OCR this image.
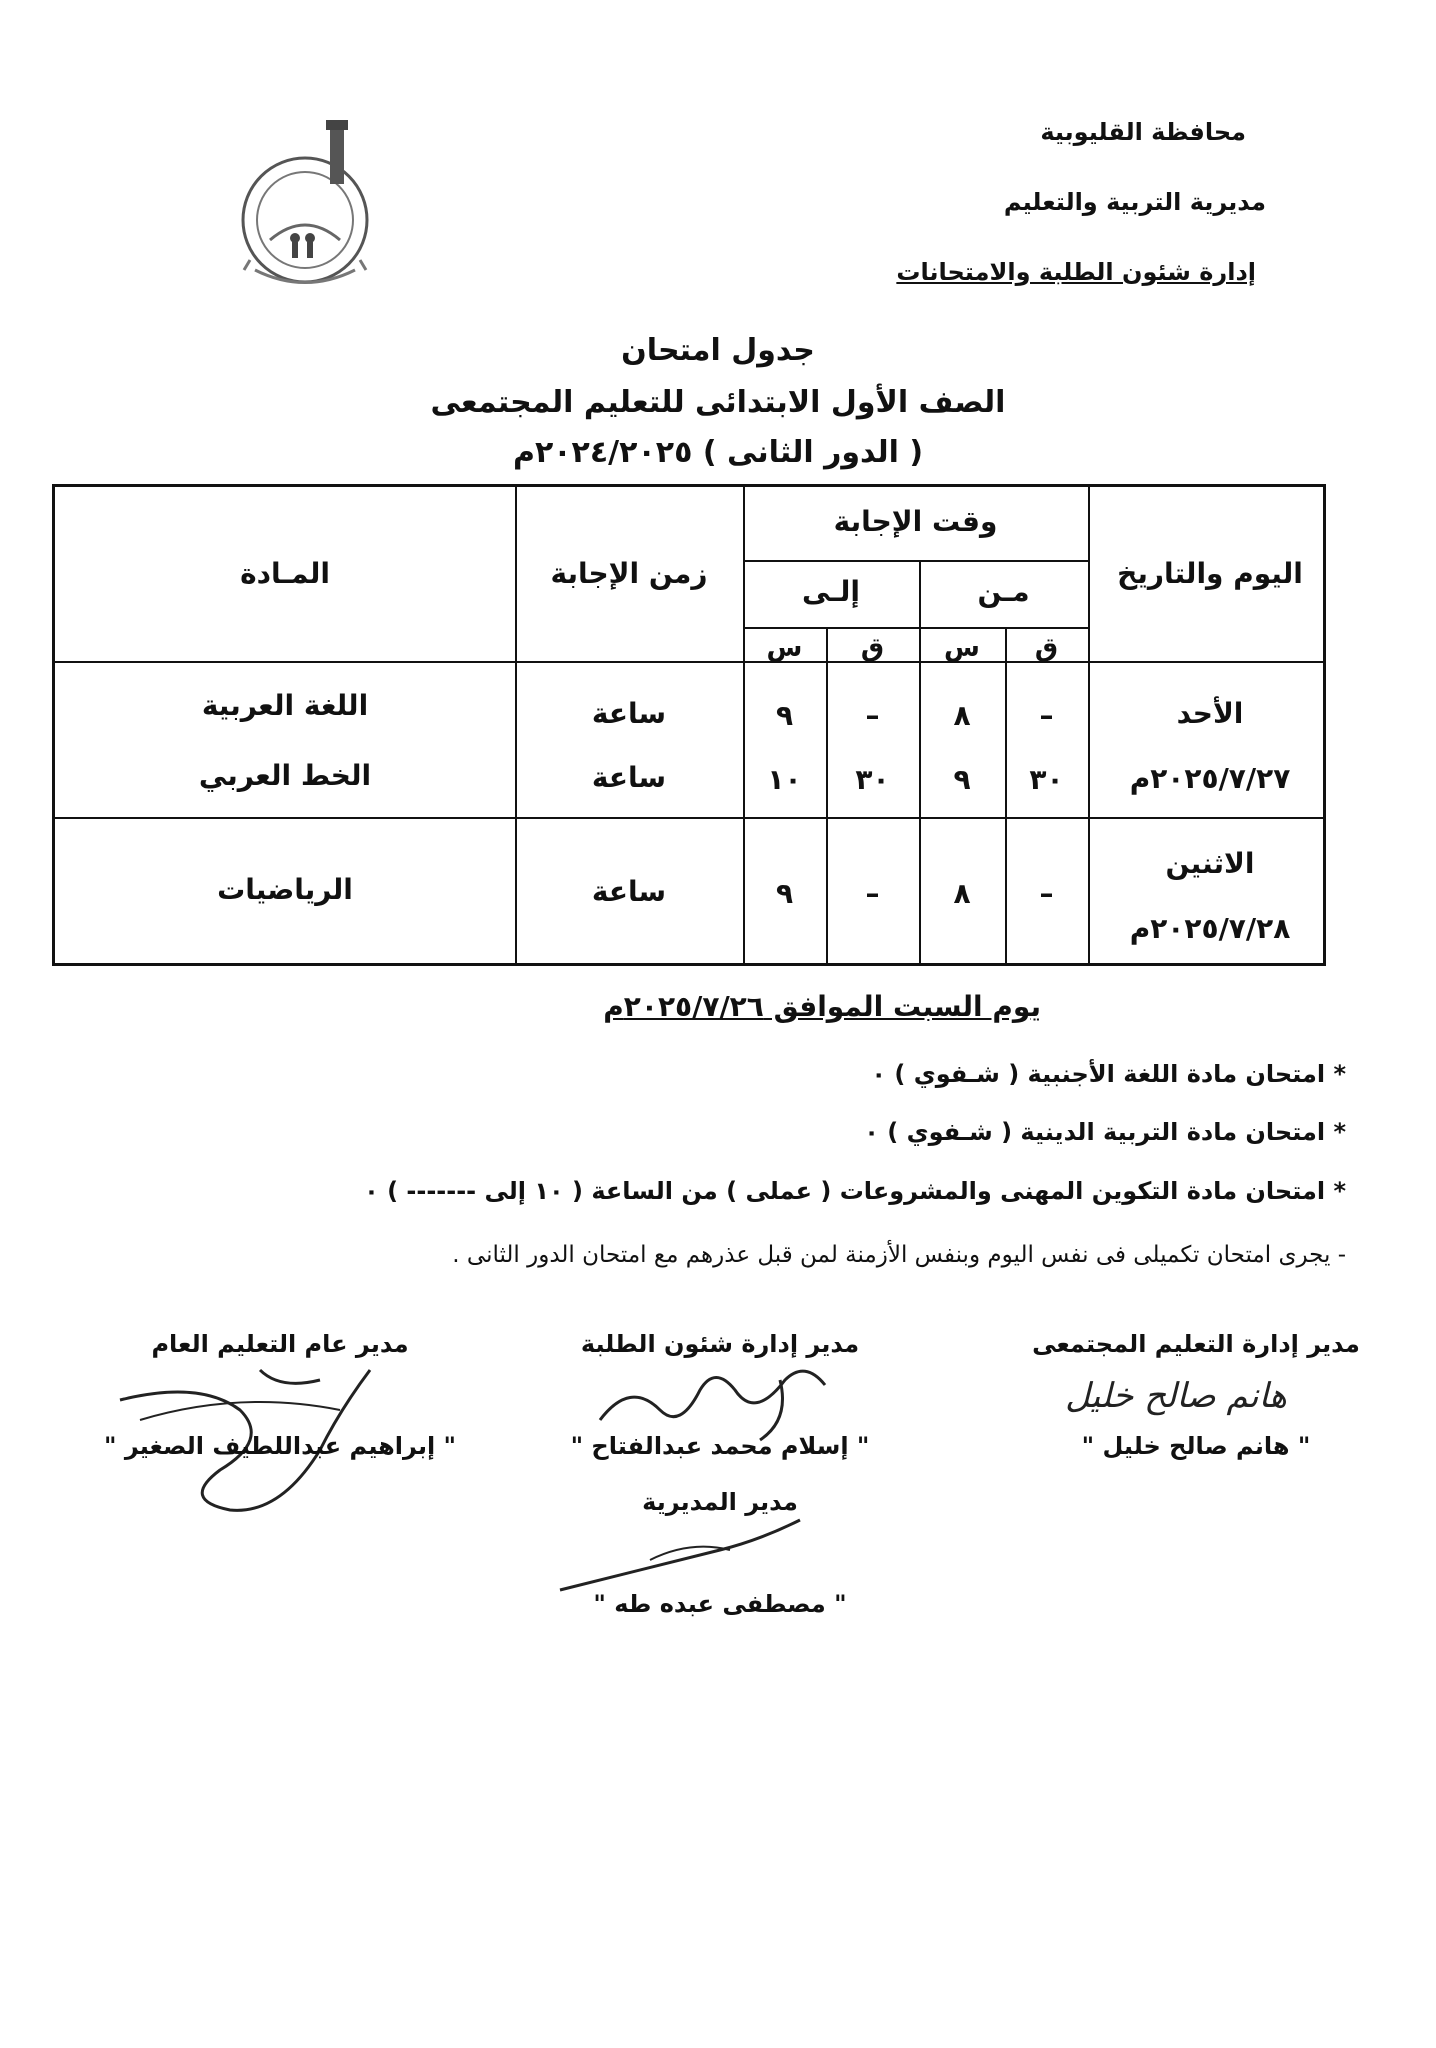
محافظة القليوبية
مديرية التربية والتعليم
إدارة شئون الطلبة والامتحانات
جدول امتحان
الصف الأول الابتدائى للتعليم المجتمعى
( الدور الثانى ) ٢٠٢٤/٢٠٢٥م
اليوم والتاريخ
وقت الإجابة
مـن
إلـى
ق
س
ق
س
زمن الإجابة
المـادة
الأحد
٢٠٢٥/٧/٢٧م
–
٨
–
٩
ساعة
اللغة العربية
٣٠
٩
٣٠
١٠
ساعة
الخط العربي
الاثنين
٢٠٢٥/٧/٢٨م
–
٨
–
٩
ساعة
الرياضيات
يوم السبت الموافق ٢٠٢٥/٧/٢٦م
* امتحان مادة اللغة الأجنبية ( شـفوي ) ٠
* امتحان مادة التربية الدينية ( شـفوي ) ٠
* امتحان مادة التكوين المهنى والمشروعات ( عملى ) من الساعة ( ١٠ إلى ------- ) ٠
- يجرى امتحان تكميلى فى نفس اليوم وبنفس الأزمنة لمن قبل عذرهم مع امتحان الدور الثانى .
مدير إدارة التعليم المجتمعى
هانم صالح خليل
" هانم صالح خليل "
مدير إدارة شئون الطلبة
" إسلام محمد عبدالفتاح "
مدير عام التعليم العام
" إبراهيم عبداللطيف الصغير "
مدير المديرية
" مصطفى عبده طه "
